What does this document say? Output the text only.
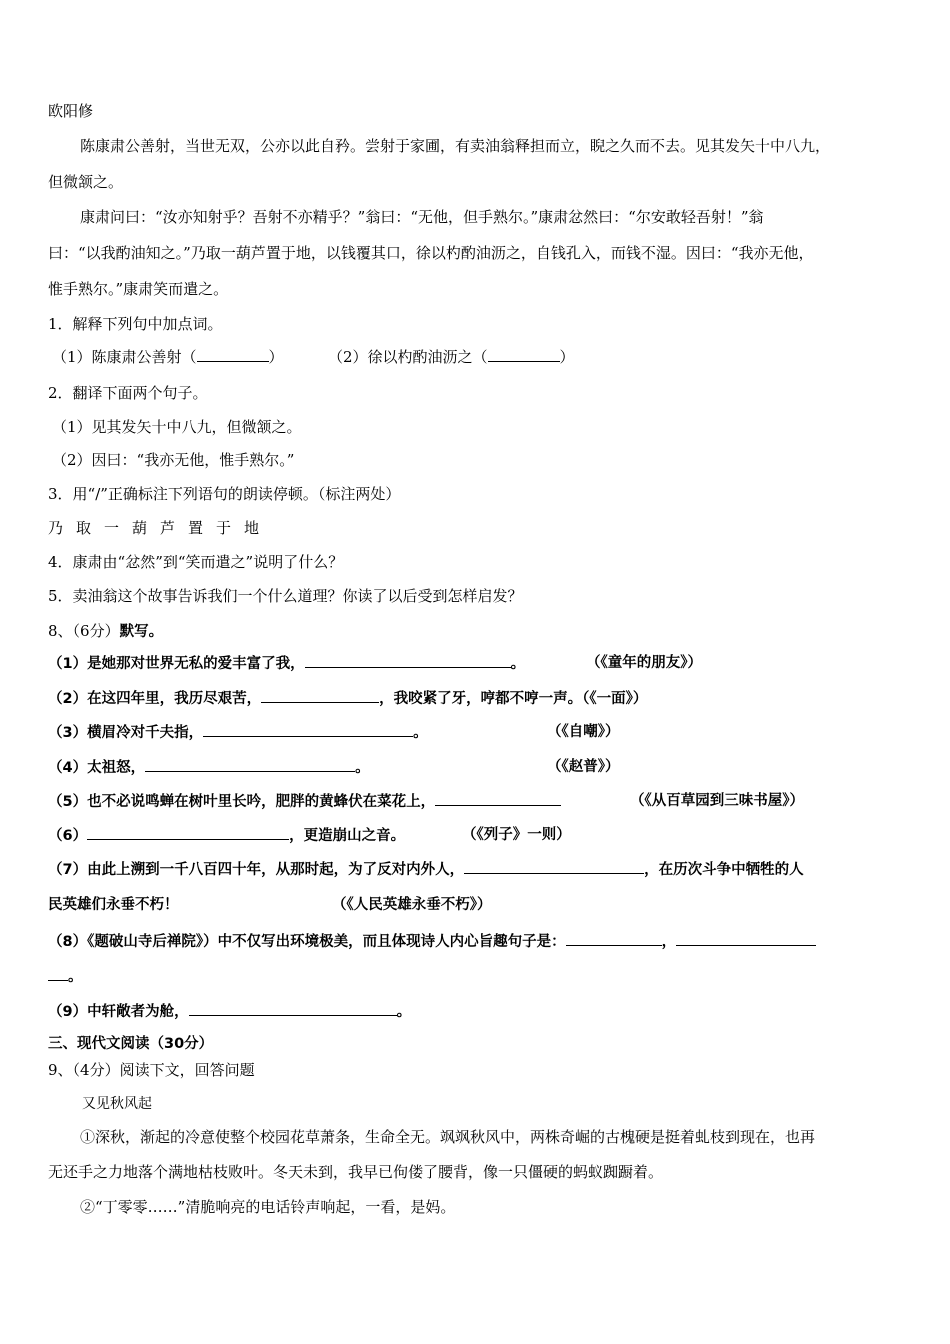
欧阳修
陈康肃公善射，当世无双，公亦以此自矜。尝射于家圃，有卖油翁释担而立，睨之久而不去。见其发矢十中八九，
但微颔之。
康肃问曰：“汝亦知射乎？吾射不亦精乎？”翁曰：“无他，但手熟尔。”康肃忿然曰：“尔安敢轻吾射！”翁
曰：“以我酌油知之。”乃取一葫芦置于地，以钱覆其口，徐以杓酌油沥之，自钱孔入，而钱不湿。因曰：“我亦无他，
惟手熟尔。”康肃笑而遣之。
1．解释下列句中加点词。
（1）陈康肃公善射（	）	（2）徐以杓酌油沥之（	）
2．翻译下面两个句子。
（1）见其发矢十中八九，但微颔之。
（2）因曰：“我亦无他，惟手熟尔。”
3．用“/”正确标注下列语句的朗读停顿。（标注两处）
乃取一葫芦置于地
4．康肃由“忿然”到“笑而遣之”说明了什么？
5．卖油翁这个故事告诉我们一个什么道理？你读了以后受到怎样启发？
8、（6分）默写。
（1）是她那对世界无私的爱丰富了我，	。	（《童年的朋友》）
（2）在这四年里，我历尽艰苦，	，我咬紧了牙，哼都不哼一声。（《一面》）
（3）横眉冷对千夫指，	。	（《自嘲》）
（4）太祖怒，	。	（《赵普》）
（5）也不必说鸣蝉在树叶里长吟，肥胖的黄蜂伏在菜花上，	（《从百草园到三味书屋》）
（6）	，更造崩山之音。	（《列子》一则）
（7）由此上溯到一千八百四十年，从那时起，为了反对内外人，	，在历次斗争中牺牲的人
民英雄们永垂不朽！	（《人民英雄永垂不朽》）
（8）《题破山寺后禅院》）中不仅写出环境极美，而且体现诗人内心旨趣句子是：	，
。
（9）中轩敞者为舱，	。
三、现代文阅读（30分）
9、（4分）阅读下文，回答问题
又见秋风起
①深秋，渐起的冷意使整个校园花草萧条，生命全无。飒飒秋风中，两株奇崛的古槐硬是挺着虬枝到现在，也再
无还手之力地落个满地枯枝败叶。冬天未到，我早已佝偻了腰背，像一只僵硬的蚂蚁踟蹰着。
②“丁零零……”清脆响亮的电话铃声响起，一看，是妈。
